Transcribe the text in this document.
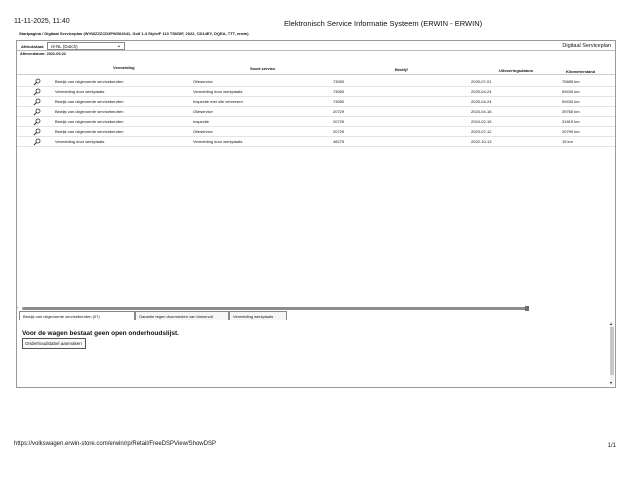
11-11-2025, 11:40	Elektronisch Service Informatie Systeem (ERWIN - ERWIN)
Startpagina / Digitaal Serviceplan (WVWZZZCD3PW302641, Golf 1.4 Style/F 110 TSI/DIF, 2022, CD14EY, DQEA, TTT, erwin)
Afdrukstaal:	nl-NL (Dutch)	⌄	Digitaal Serviceplan
Afleverdatum: 2022-09-22
Vermelding	Soort service	Bedrijf	Uitvoeringsdatum	Kilometerstand
Bewijs van uitgevoerde servicebeurten	Olieservice	73050	2025-07-01	75685 km
Vermelding door werkplaats	Vermelding door werkplaats	73050	2025-04-24	59430 km
Bewijs van uitgevoerde servicebeurten	Inspectie met olie verversen	73050	2025-04-24	59430 km
Bewijs van uitgevoerde servicebeurten	Olieservice	20729	2024-04-16	39765 km
Bewijs van uitgevoerde servicebeurten	Inspectie	20729	2024-02-15	31819 km
Bewijs van uitgevoerde servicebeurten	Olieservice	20729	2023-07-12	20799 km
Vermelding door werkplaats	Vermelding door werkplaats	48275	2022-10-13	15 km
‹
Bewijs van uitgevoerde servicebeurten (07)	Garantie tegen doorroesten van binnenuit	Vermelding werkplaats
Voor de wagen bestaat geen open onderhoudslijst.
Onderhoudstabel aanmaken
▴
▾
https://volkswagen.erwin-store.com/erwin/rp/Retail/FreeDSPView/ShowDSP	1/1
